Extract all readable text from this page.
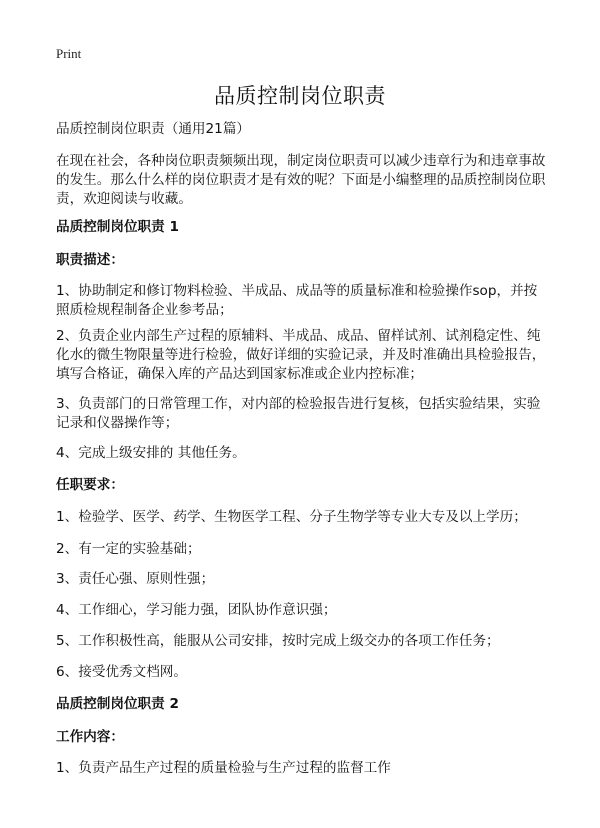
Print
品质控制岗位职责
品质控制岗位职责（通用21篇）
在现在社会，各种岗位职责频频出现，制定岗位职责可以减少违章行为和违章事故的发生。那么什么样的岗位职责才是有效的呢？下面是小编整理的品质控制岗位职责，欢迎阅读与收藏。
品质控制岗位职责 1
职责描述：
1、协助制定和修订物料检验、半成品、成品等的质量标准和检验操作sop，并按照质检规程制备企业参考品；
2、负责企业内部生产过程的原辅料、半成品、成品、留样试剂、试剂稳定性、纯化水的微生物限量等进行检验，做好详细的实验记录，并及时准确出具检验报告，填写合格证，确保入库的产品达到国家标准或企业内控标准；
3、负责部门的日常管理工作，对内部的检验报告进行复核，包括实验结果，实验记录和仪器操作等；
4、完成上级安排的 其他任务。
任职要求：
1、检验学、医学、药学、生物医学工程、分子生物学等专业大专及以上学历；
2、有一定的实验基础；
3、责任心强、原则性强；
4、工作细心，学习能力强，团队协作意识强；
5、工作积极性高，能服从公司安排，按时完成上级交办的各项工作任务；
6、接受优秀文档网。
品质控制岗位职责 2
工作内容：
1、负责产品生产过程的质量检验与生产过程的监督工作
